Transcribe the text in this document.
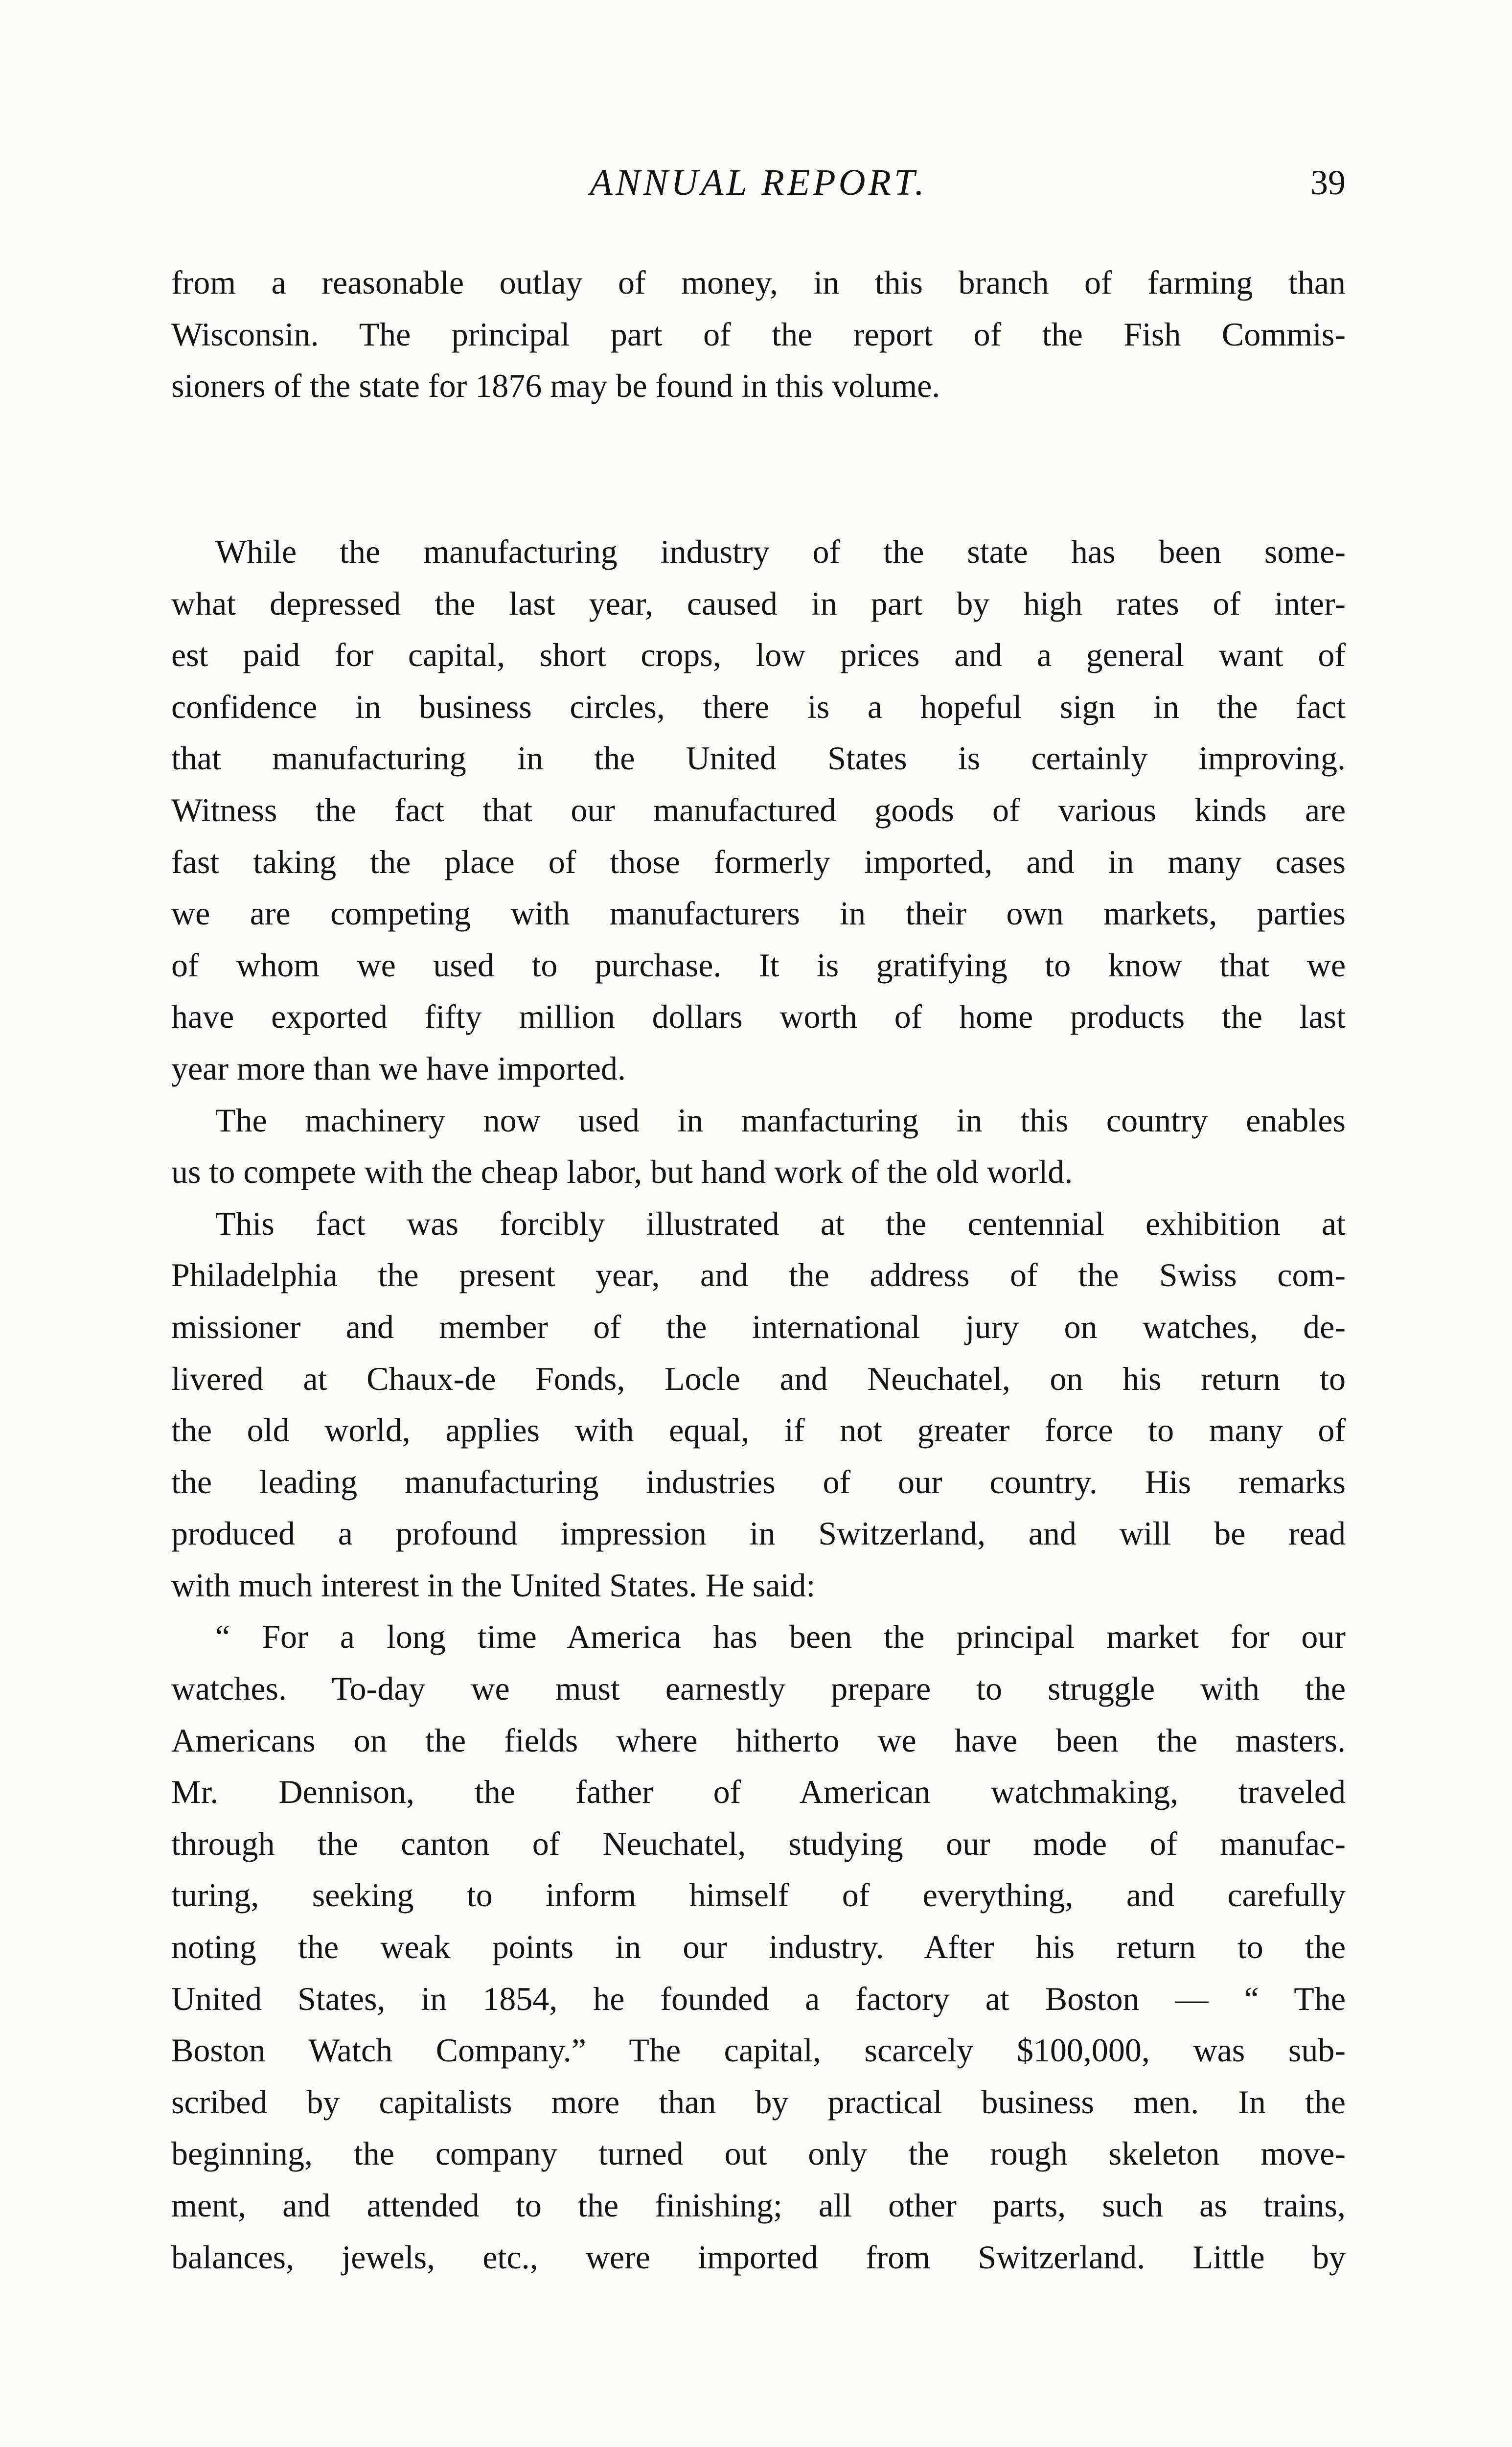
ANNUAL REPORT.	39
from a reasonable outlay of money, in this branch of farming than
Wisconsin. The principal part of the report of the Fish Commis-
sioners of the state for 1876 may be found in this volume.
While the manufacturing industry of the state has been some-
what depressed the last year, caused in part by high rates of inter-
est paid for capital, short crops, low prices and a general want of
confidence in business circles, there is a hopeful sign in the fact
that manufacturing in the United States is certainly improving.
Witness the fact that our manufactured goods of various kinds are
fast taking the place of those formerly imported, and in many cases
we are competing with manufacturers in their own markets, parties
of whom we used to purchase. It is gratifying to know that we
have exported fifty million dollars worth of home products the last
year more than we have imported.
The machinery now used in manfacturing in this country enables
us to compete with the cheap labor, but hand work of the old world.
This fact was forcibly illustrated at the centennial exhibition at
Philadelphia the present year, and the address of the Swiss com-
missioner and member of the international jury on watches, de-
livered at Chaux-de Fonds, Locle and Neuchatel, on his return to
the old world, applies with equal, if not greater force to many of
the leading manufacturing industries of our country. His remarks
produced a profound impression in Switzerland, and will be read
with much interest in the United States. He said:
“ For a long time America has been the principal market for our
watches. To-day we must earnestly prepare to struggle with the
Americans on the fields where hitherto we have been the masters.
Mr. Dennison, the father of American watchmaking, traveled
through the canton of Neuchatel, studying our mode of manufac-
turing, seeking to inform himself of everything, and carefully
noting the weak points in our industry. After his return to the
United States, in 1854, he founded a factory at Boston — “ The
Boston Watch Company.” The capital, scarcely $100,000, was sub-
scribed by capitalists more than by practical business men. In the
beginning, the company turned out only the rough skeleton move-
ment, and attended to the finishing; all other parts, such as trains,
balances, jewels, etc., were imported from Switzerland. Little by
